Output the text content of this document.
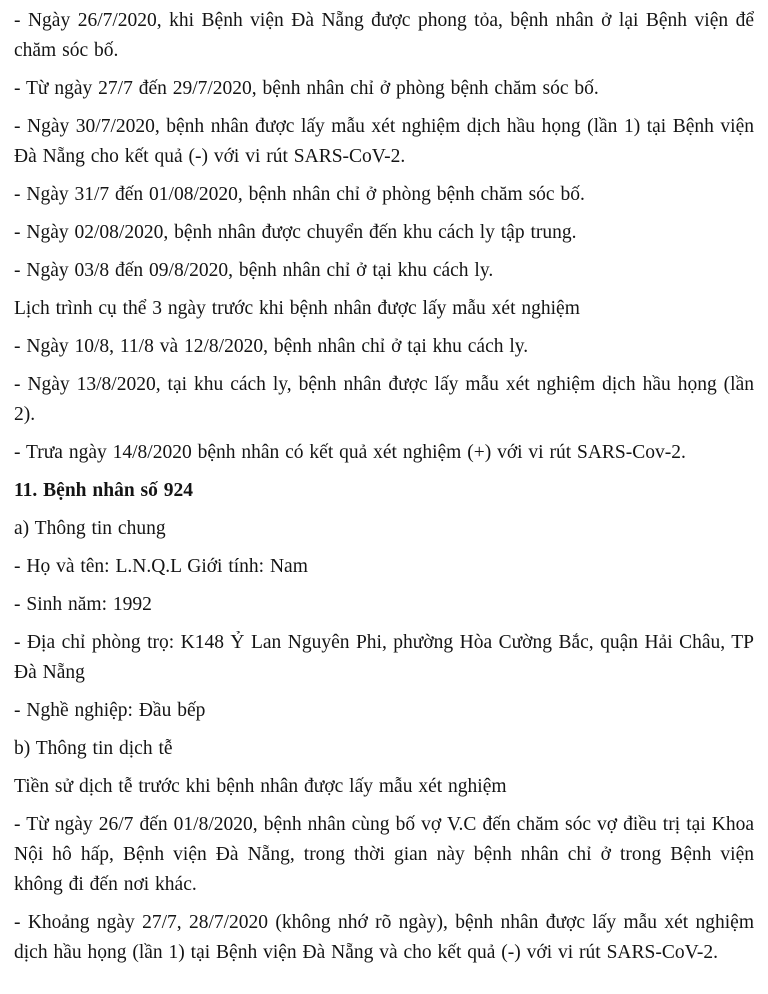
- Ngày 26/7/2020, khi Bệnh viện Đà Nẵng được phong tỏa, bệnh nhân ở lại Bệnh viện để chăm sóc bố.

- Từ ngày 27/7 đến 29/7/2020, bệnh nhân chỉ ở phòng bệnh chăm sóc bố.

- Ngày 30/7/2020, bệnh nhân được lấy mẫu xét nghiệm dịch hầu họng (lần 1) tại Bệnh viện Đà Nẵng cho kết quả (-) với vi rút SARS-CoV-2.

- Ngày 31/7 đến 01/08/2020, bệnh nhân chỉ ở phòng bệnh chăm sóc bố.

- Ngày 02/08/2020, bệnh nhân được chuyển đến khu cách ly tập trung.

- Ngày 03/8 đến 09/8/2020, bệnh nhân chỉ ở tại khu cách ly.

Lịch trình cụ thể 3 ngày trước khi bệnh nhân được lấy mẫu xét nghiệm

- Ngày 10/8, 11/8 và 12/8/2020, bệnh nhân chỉ ở tại khu cách ly.

- Ngày 13/8/2020, tại khu cách ly, bệnh nhân được lấy mẫu xét nghiệm dịch hầu họng (lần 2).

- Trưa ngày 14/8/2020 bệnh nhân có kết quả xét nghiệm (+) với vi rút SARS-Cov-2.

11. Bệnh nhân số 924

a) Thông tin chung

- Họ và tên: L.N.Q.L Giới tính: Nam

- Sinh năm: 1992

- Địa chỉ phòng trọ: K148 Ỷ Lan Nguyên Phi, phường Hòa Cường Bắc, quận Hải Châu, TP Đà Nẵng

- Nghề nghiệp: Đầu bếp

b) Thông tin dịch tễ

Tiền sử dịch tễ trước khi bệnh nhân được lấy mẫu xét nghiệm

- Từ ngày 26/7 đến 01/8/2020, bệnh nhân cùng bố vợ V.C đến chăm sóc vợ điều trị tại Khoa Nội hô hấp, Bệnh viện Đà Nẵng, trong thời gian này bệnh nhân chỉ ở trong Bệnh viện không đi đến nơi khác.

- Khoảng ngày 27/7, 28/7/2020 (không nhớ rõ ngày), bệnh nhân được lấy mẫu xét nghiệm dịch hầu họng (lần 1) tại Bệnh viện Đà Nẵng và cho kết quả (-) với vi rút SARS-CoV-2.
